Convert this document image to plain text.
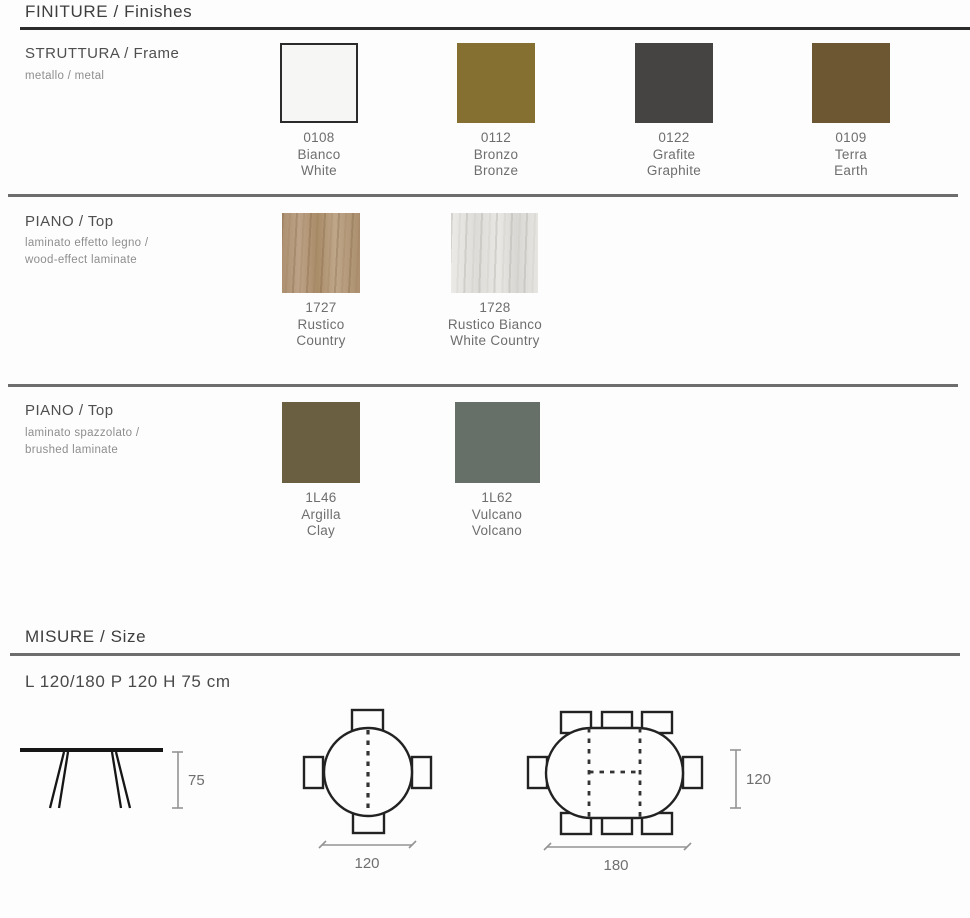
FINITURE / Finishes
STRUTTURA / Frame
metallo / metal
0108
Bianco
White
0112
Bronzo
Bronze
0122
Grafite
Graphite
0109
Terra
Earth
PIANO / Top
laminato effetto legno /
wood-effect laminate
1727
Rustico
Country
1728
Rustico Bianco
White Country
PIANO / Top
laminato spazzolato /
brushed laminate
1L46
Argilla
Clay
1L62
Vulcano
Volcano
MISURE / Size
L 120/180 P 120 H 75 cm
75
120
120
180
